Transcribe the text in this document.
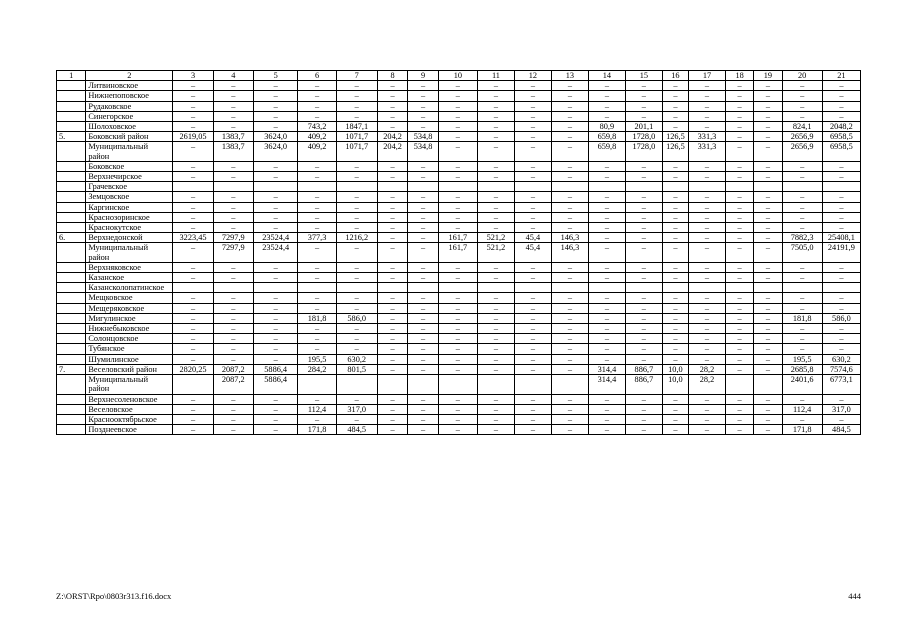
1	2	3	4	5	6	7	8	9	10	11	12	13	14	15	16	17	18	19	20	21
	Литвиновское	–	–	–	–	–	–	–	–	–	–	–	–	–	–	–	–	–	–	–
	Нижнепоповское	–	–	–	–	–	–	–	–	–	–	–	–	–	–	–	–	–	–	–
	Рудаковское	–	–	–	–	–	–	–	–	–	–	–	–	–	–	–	–	–	–	–
	Синегорское	–	–	–	–	–	–	–	–	–	–	–	–	–	–	–	–	–	–	–
	Шолоховское	–	–	–	743,2	1847,1	–	–	–	–	–	–	80,9	201,1	–	–	–	–	824,1	2048,2
5.	Боковский район	2619,05	1383,7	3624,0	409,2	1071,7	204,2	534,8	–	–	–	–	659,8	1728,0	126,5	331,3	–	–	2656,9	6958,5
	Муниципальный район	–	1383,7	3624,0	409,2	1071,7	204,2	534,8	–	–	–	–	659,8	1728,0	126,5	331,3	–	–	2656,9	6958,5
	Боковское	–	–	–	–	–	–	–	–	–	–	–	–	–	–	–	–	–	–	–
	Верхнечирское	–	–	–	–	–	–	–	–	–	–	–	–	–	–	–	–	–	–	–
	Грачевское																			
	Земцовское	–	–	–	–	–	–	–	–	–	–	–	–	–	–	–	–	–	–	–
	Каргинское	–	–	–	–	–	–	–	–	–	–	–	–	–	–	–	–	–	–	–
	Краснозоринское	–	–	–	–	–	–	–	–	–	–	–	–	–	–	–	–	–	–	–
	Краснокутское	–	–	–	–	–	–	–	–	–	–	–	–	–	–	–	–	–	–	–
6.	Верхнедонской	3223,45	7297,9	23524,4	377,3	1216,2	–	–	161,7	521,2	45,4	146,3	–	–	–	–	–	–	7882,3	25408,1
	Муниципальный район	–	7297,9	23524,4	–	–	–	–	161,7	521,2	45,4	146,3	–	–	–	–	–	–	7505,0	24191,9
	Верхняковское	–	–	–	–	–	–	–	–	–	–	–	–	–	–	–	–	–	–	–
	Казанское	–	–	–	–	–	–	–	–	–	–	–	–	–	–	–	–	–	–	–
	Казансколопатинское																			
	Мещковское	–	–	–	–	–	–	–	–	–	–	–	–	–	–	–	–	–	–	–
	Мещеряковское	–	–	–	–	–	–	–	–	–	–	–	–	–	–	–	–	–	–	–
	Мигулинское	–	–	–	181,8	586,0	–	–	–	–	–	–	–	–	–	–	–	–	181,8	586,0
	Нижнебыковское	–	–	–	–	–	–	–	–	–	–	–	–	–	–	–	–	–	–	–
	Солонцовское	–	–	–	–	–	–	–	–	–	–	–	–	–	–	–	–	–	–	–
	Тубянское	–	–	–	–	–	–	–	–	–	–	–	–	–	–	–	–	–	–	–
	Шумилинское	–	–	–	195,5	630,2	–	–	–	–	–	–	–	–	–	–	–	–	195,5	630,2
7.	Веселовский район	2820,25	2087,2	5886,4	284,2	801,5	–	–	–	–	–	–	314,4	886,7	10,0	28,2	–	–	2685,8	7574,6
	Муниципальный район		2087,2	5886,4									314,4	886,7	10,0	28,2			2401,6	6773,1
	Верхнесоленовское	–	–	–	–	–	–	–	–	–	–	–	–	–	–	–	–	–	–	–
	Веселовское	–	–	–	112,4	317,0	–	–	–	–	–	–	–	–	–	–	–	–	112,4	317,0
	Краснооктябрьское	–	–	–	–	–	–	–	–	–	–	–	–	–	–	–	–	–	–	–
	Позднеевское	–	–	–	171,8	484,5	–	–	–	–	–	–	–	–	–	–	–	–	171,8	484,5
Z:\ORST\Rpo\0803r313.f16.docx	444
